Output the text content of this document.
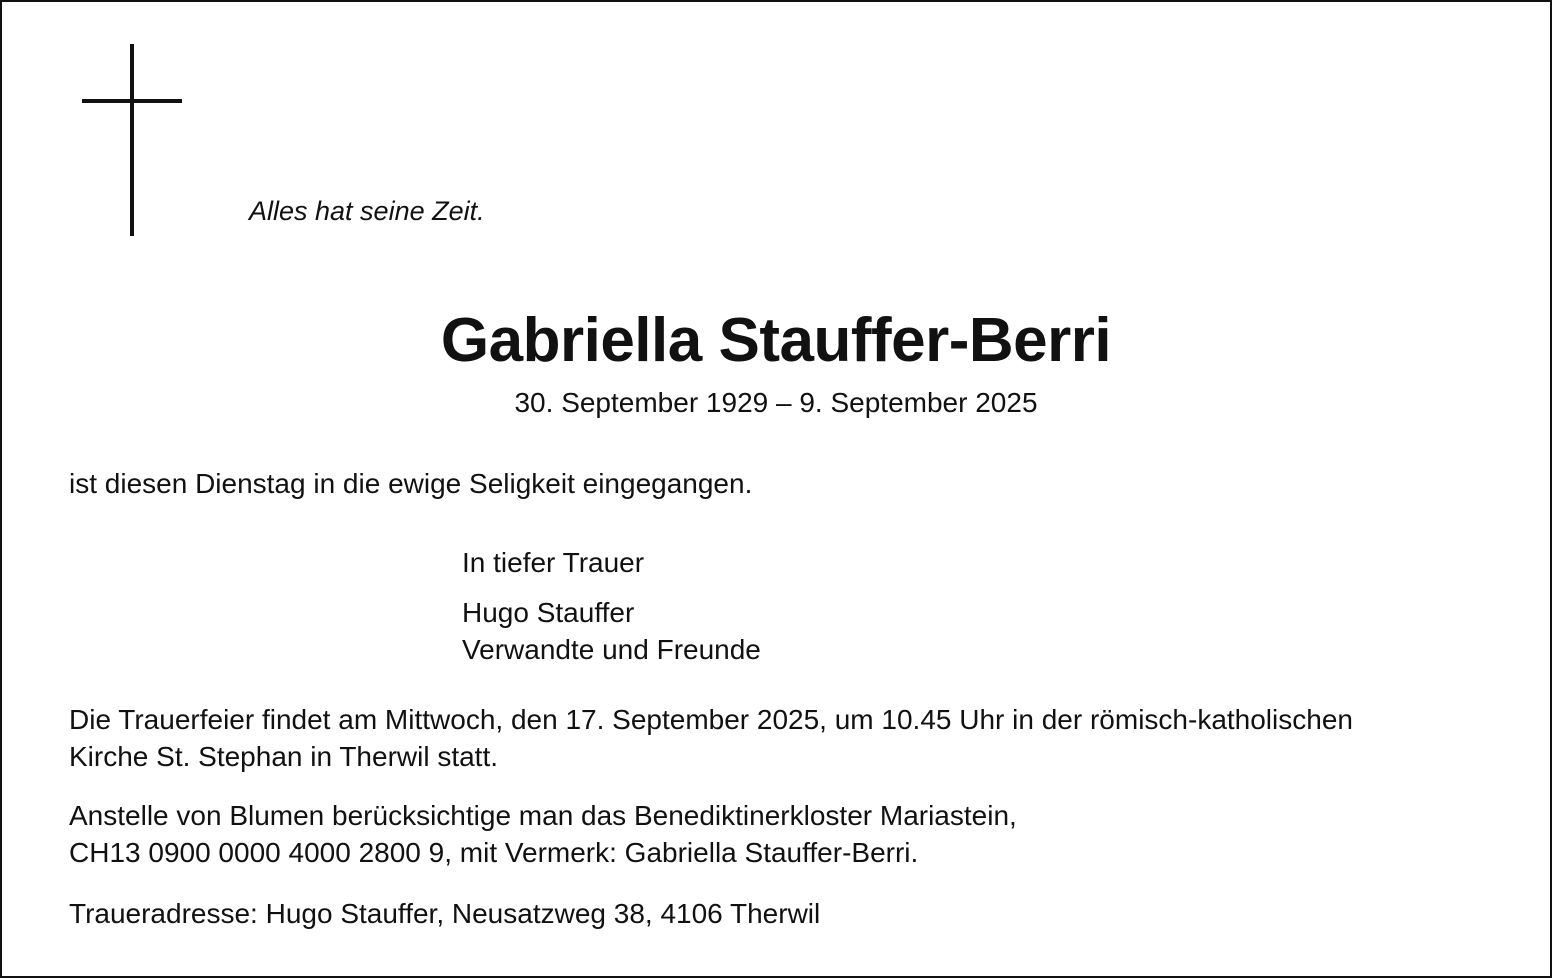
Alles hat seine Zeit.
Gabriella Stauffer-Berri
30. September 1929 – 9. September 2025
ist diesen Dienstag in die ewige Seligkeit eingegangen.
In tiefer Trauer
Hugo Stauffer
Verwandte und Freunde
Die Trauerfeier findet am Mittwoch, den 17. September 2025, um 10.45 Uhr in der römisch-katholischen
Kirche St. Stephan in Therwil statt.
Anstelle von Blumen berücksichtige man das Benediktinerkloster Mariastein,
CH13 0900 0000 4000 2800 9, mit Vermerk: Gabriella Stauffer-Berri.
Traueradresse: Hugo Stauffer, Neusatzweg 38, 4106 Therwil
